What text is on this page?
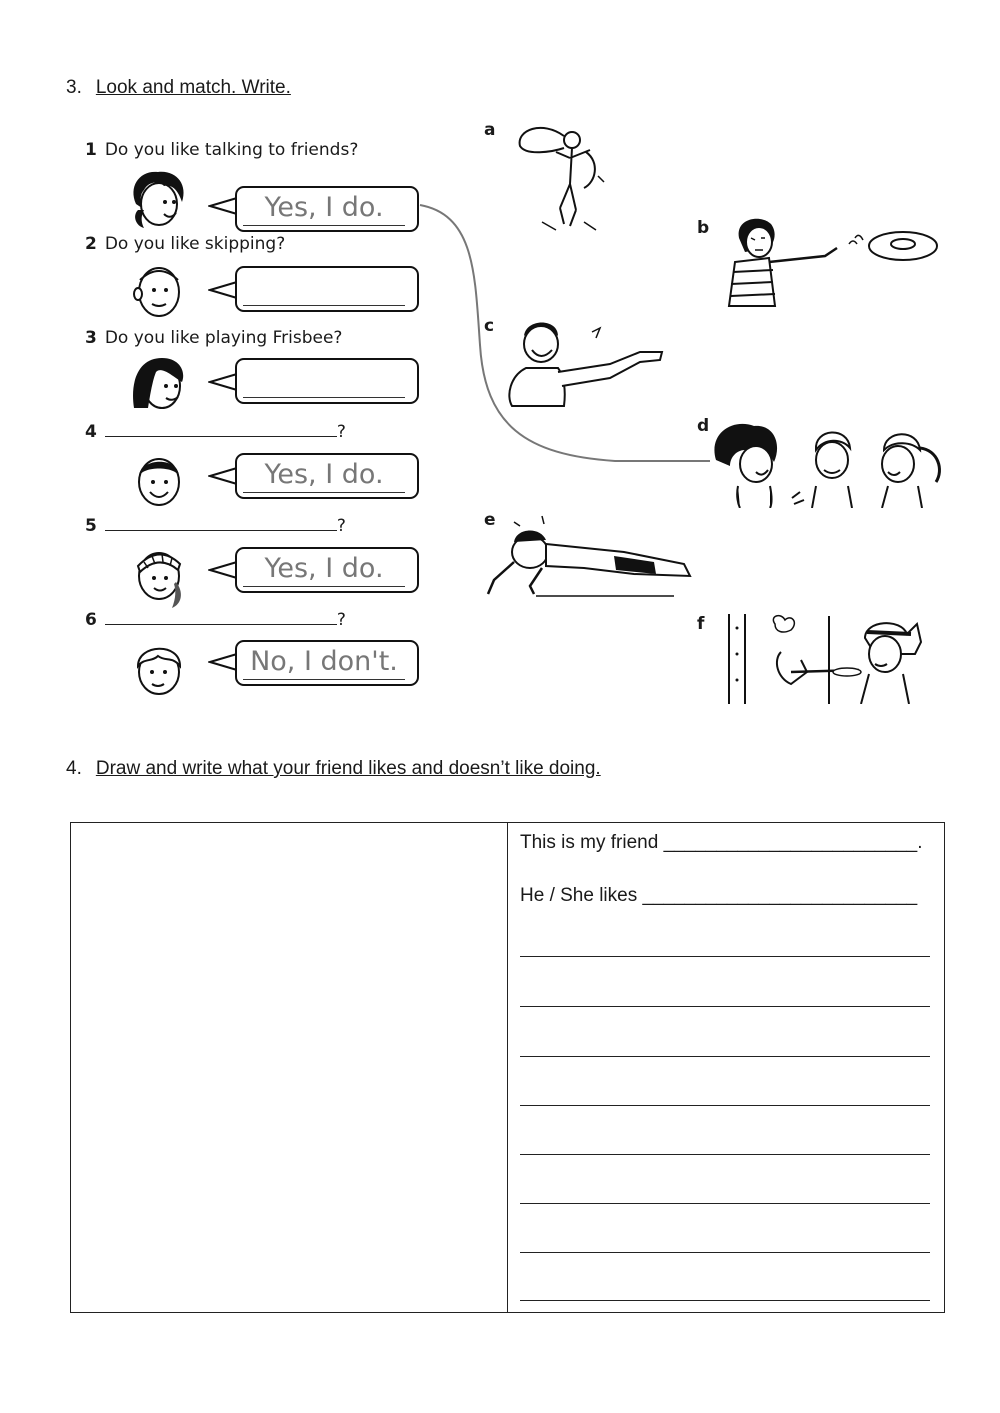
3. Look and match. Write.
1 Do you like talking to friends?
Yes, I do.
2 Do you like skipping?
3 Do you like playing Frisbee?
4	?
Yes, I do.
5	?
Yes, I do.
6	?
No, I don't.
a
b
c
d
e
f
4. Draw and write what your friend likes and doesn’t like doing.

This is my friend ________________________.
He / She likes __________________________
